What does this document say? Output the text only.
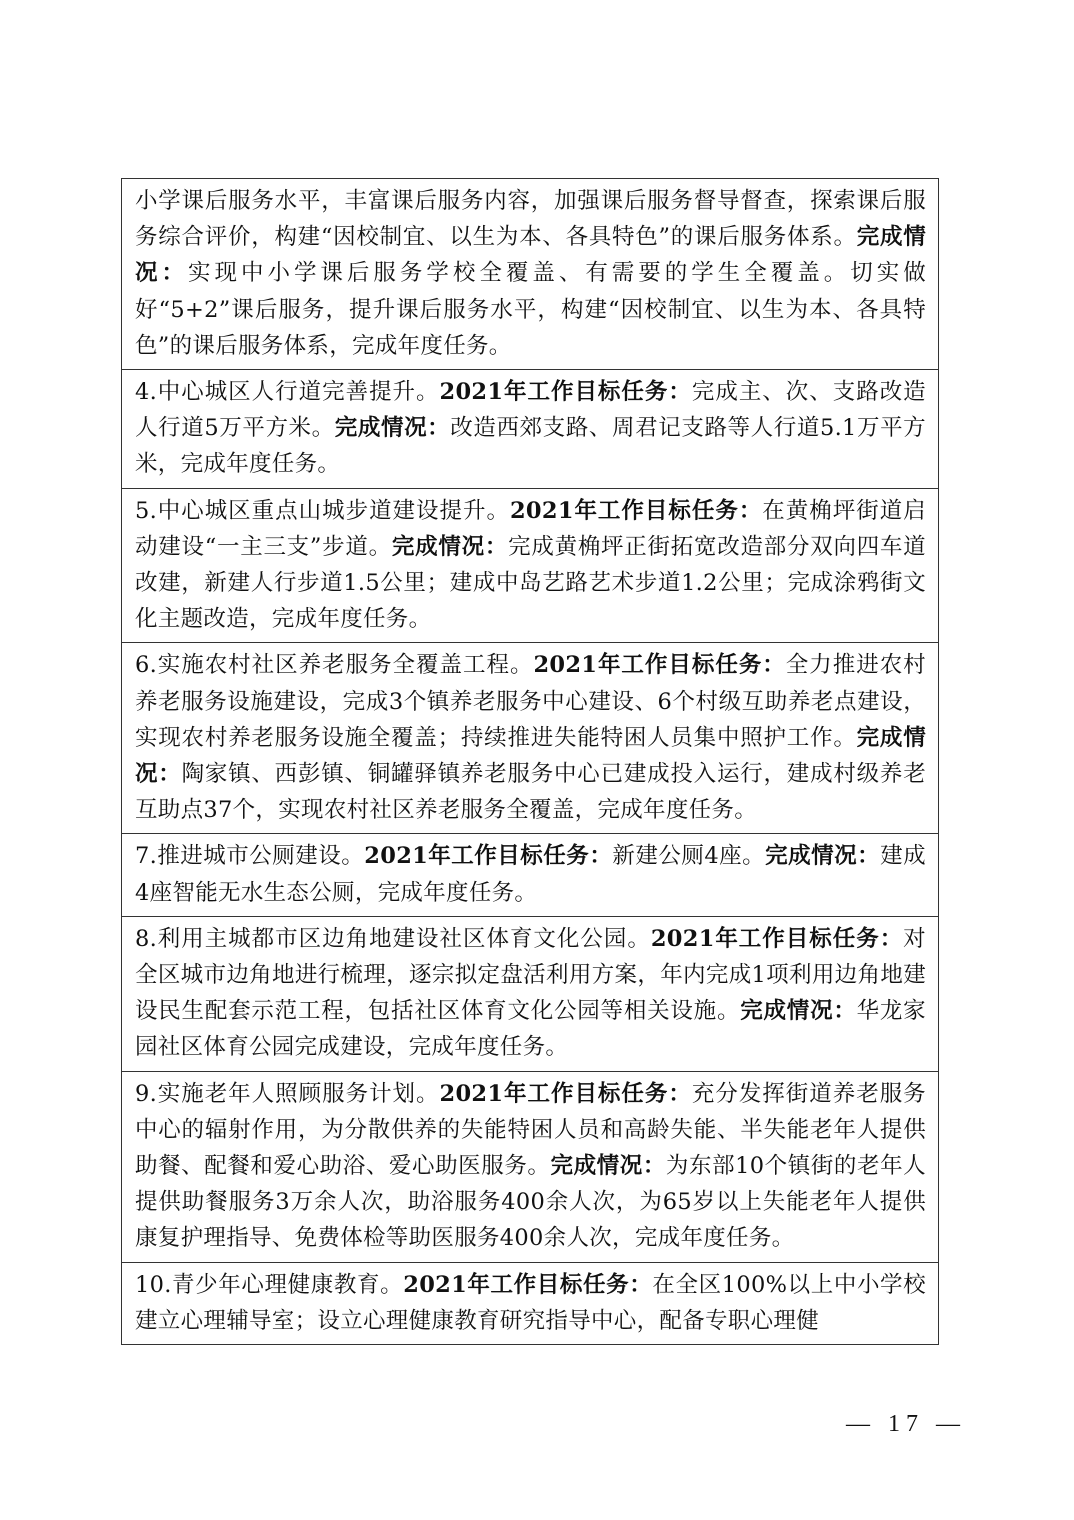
小学课后服务水平，丰富课后服务内容，加强课后服务督导督查，探索课后服务综合评价，构建“因校制宜、以生为本、各具特色”的课后服务体系。完成情况：实现中小学课后服务学校全覆盖、有需要的学生全覆盖。切实做好“5+2”课后服务，提升课后服务水平，构建“因校制宜、以生为本、各具特色”的课后服务体系，完成年度任务。
4.中心城区人行道完善提升。2021年工作目标任务：完成主、次、支路改造人行道5万平方米。完成情况：改造西郊支路、周君记支路等人行道5.1万平方米，完成年度任务。
5.中心城区重点山城步道建设提升。2021年工作目标任务：在黄桷坪街道启动建设“一主三支”步道。完成情况：完成黄桷坪正街拓宽改造部分双向四车道改建，新建人行步道1.5公里；建成中岛艺路艺术步道1.2公里；完成涂鸦街文化主题改造，完成年度任务。
6.实施农村社区养老服务全覆盖工程。2021年工作目标任务：全力推进农村养老服务设施建设，完成3个镇养老服务中心建设、6个村级互助养老点建设，实现农村养老服务设施全覆盖；持续推进失能特困人员集中照护工作。完成情况：陶家镇、西彭镇、铜罐驿镇养老服务中心已建成投入运行，建成村级养老互助点37个，实现农村社区养老服务全覆盖，完成年度任务。
7.推进城市公厕建设。2021年工作目标任务：新建公厕4座。完成情况：建成4座智能无水生态公厕，完成年度任务。
8.利用主城都市区边角地建设社区体育文化公园。2021年工作目标任务：对全区城市边角地进行梳理，逐宗拟定盘活利用方案，年内完成1项利用边角地建设民生配套示范工程，包括社区体育文化公园等相关设施。完成情况：华龙家园社区体育公园完成建设，完成年度任务。
9.实施老年人照顾服务计划。2021年工作目标任务：充分发挥街道养老服务中心的辐射作用，为分散供养的失能特困人员和高龄失能、半失能老年人提供助餐、配餐和爱心助浴、爱心助医服务。完成情况：为东部10个镇街的老年人提供助餐服务3万余人次，助浴服务400余人次，为65岁以上失能老年人提供康复护理指导、免费体检等助医服务400余人次，完成年度任务。
10.青少年心理健康教育。2021年工作目标任务：在全区100%以上中小学校建立心理辅导室；设立心理健康教育研究指导中心，配备专职心理健
— 17 —
